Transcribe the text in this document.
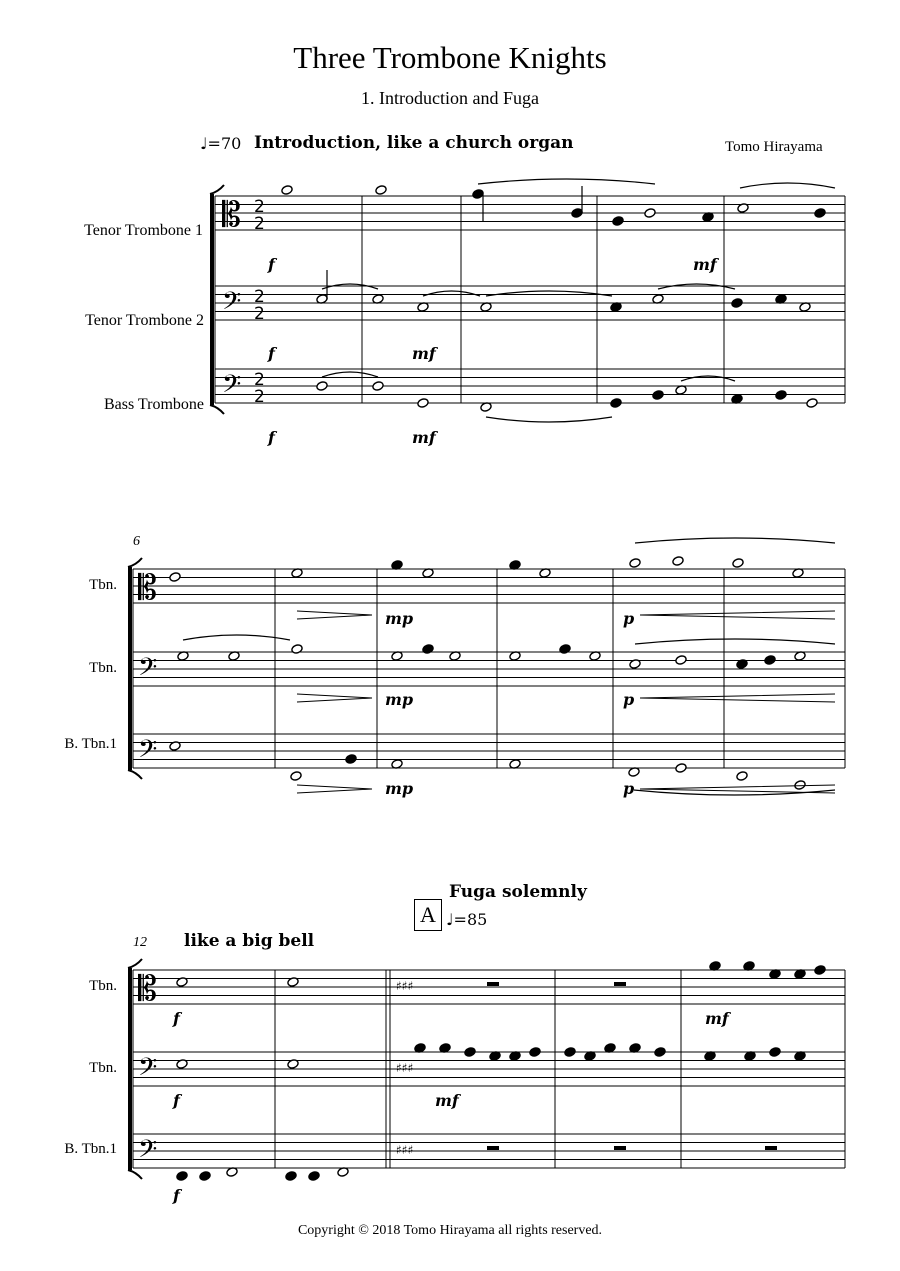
Three Trombone Knights
1. Introduction and Fuga
♩=70 Introduction, like a church organ	Tomo Hirayama
Tenor Trombone 1
Tenor Trombone 2
Bass Trombone
Tbn.
Tbn.
B. Tbn.1
Tbn.
Tbn.
B. Tbn.1
6
12
Fuga solemnly
A ♩=85
like a big bell
f	mf
f	mf
f	mf
mp	p
mp	p
mp	p
f	mf
f	mf
f
Copyright © 2018 Tomo Hirayama all rights reserved.
𝄡
𝄢
𝄢
2
2
2
2
2
2
𝄡
𝄢
𝄢
𝄡
𝄢
𝄢
♯♯♯
♯♯♯
♯♯♯
